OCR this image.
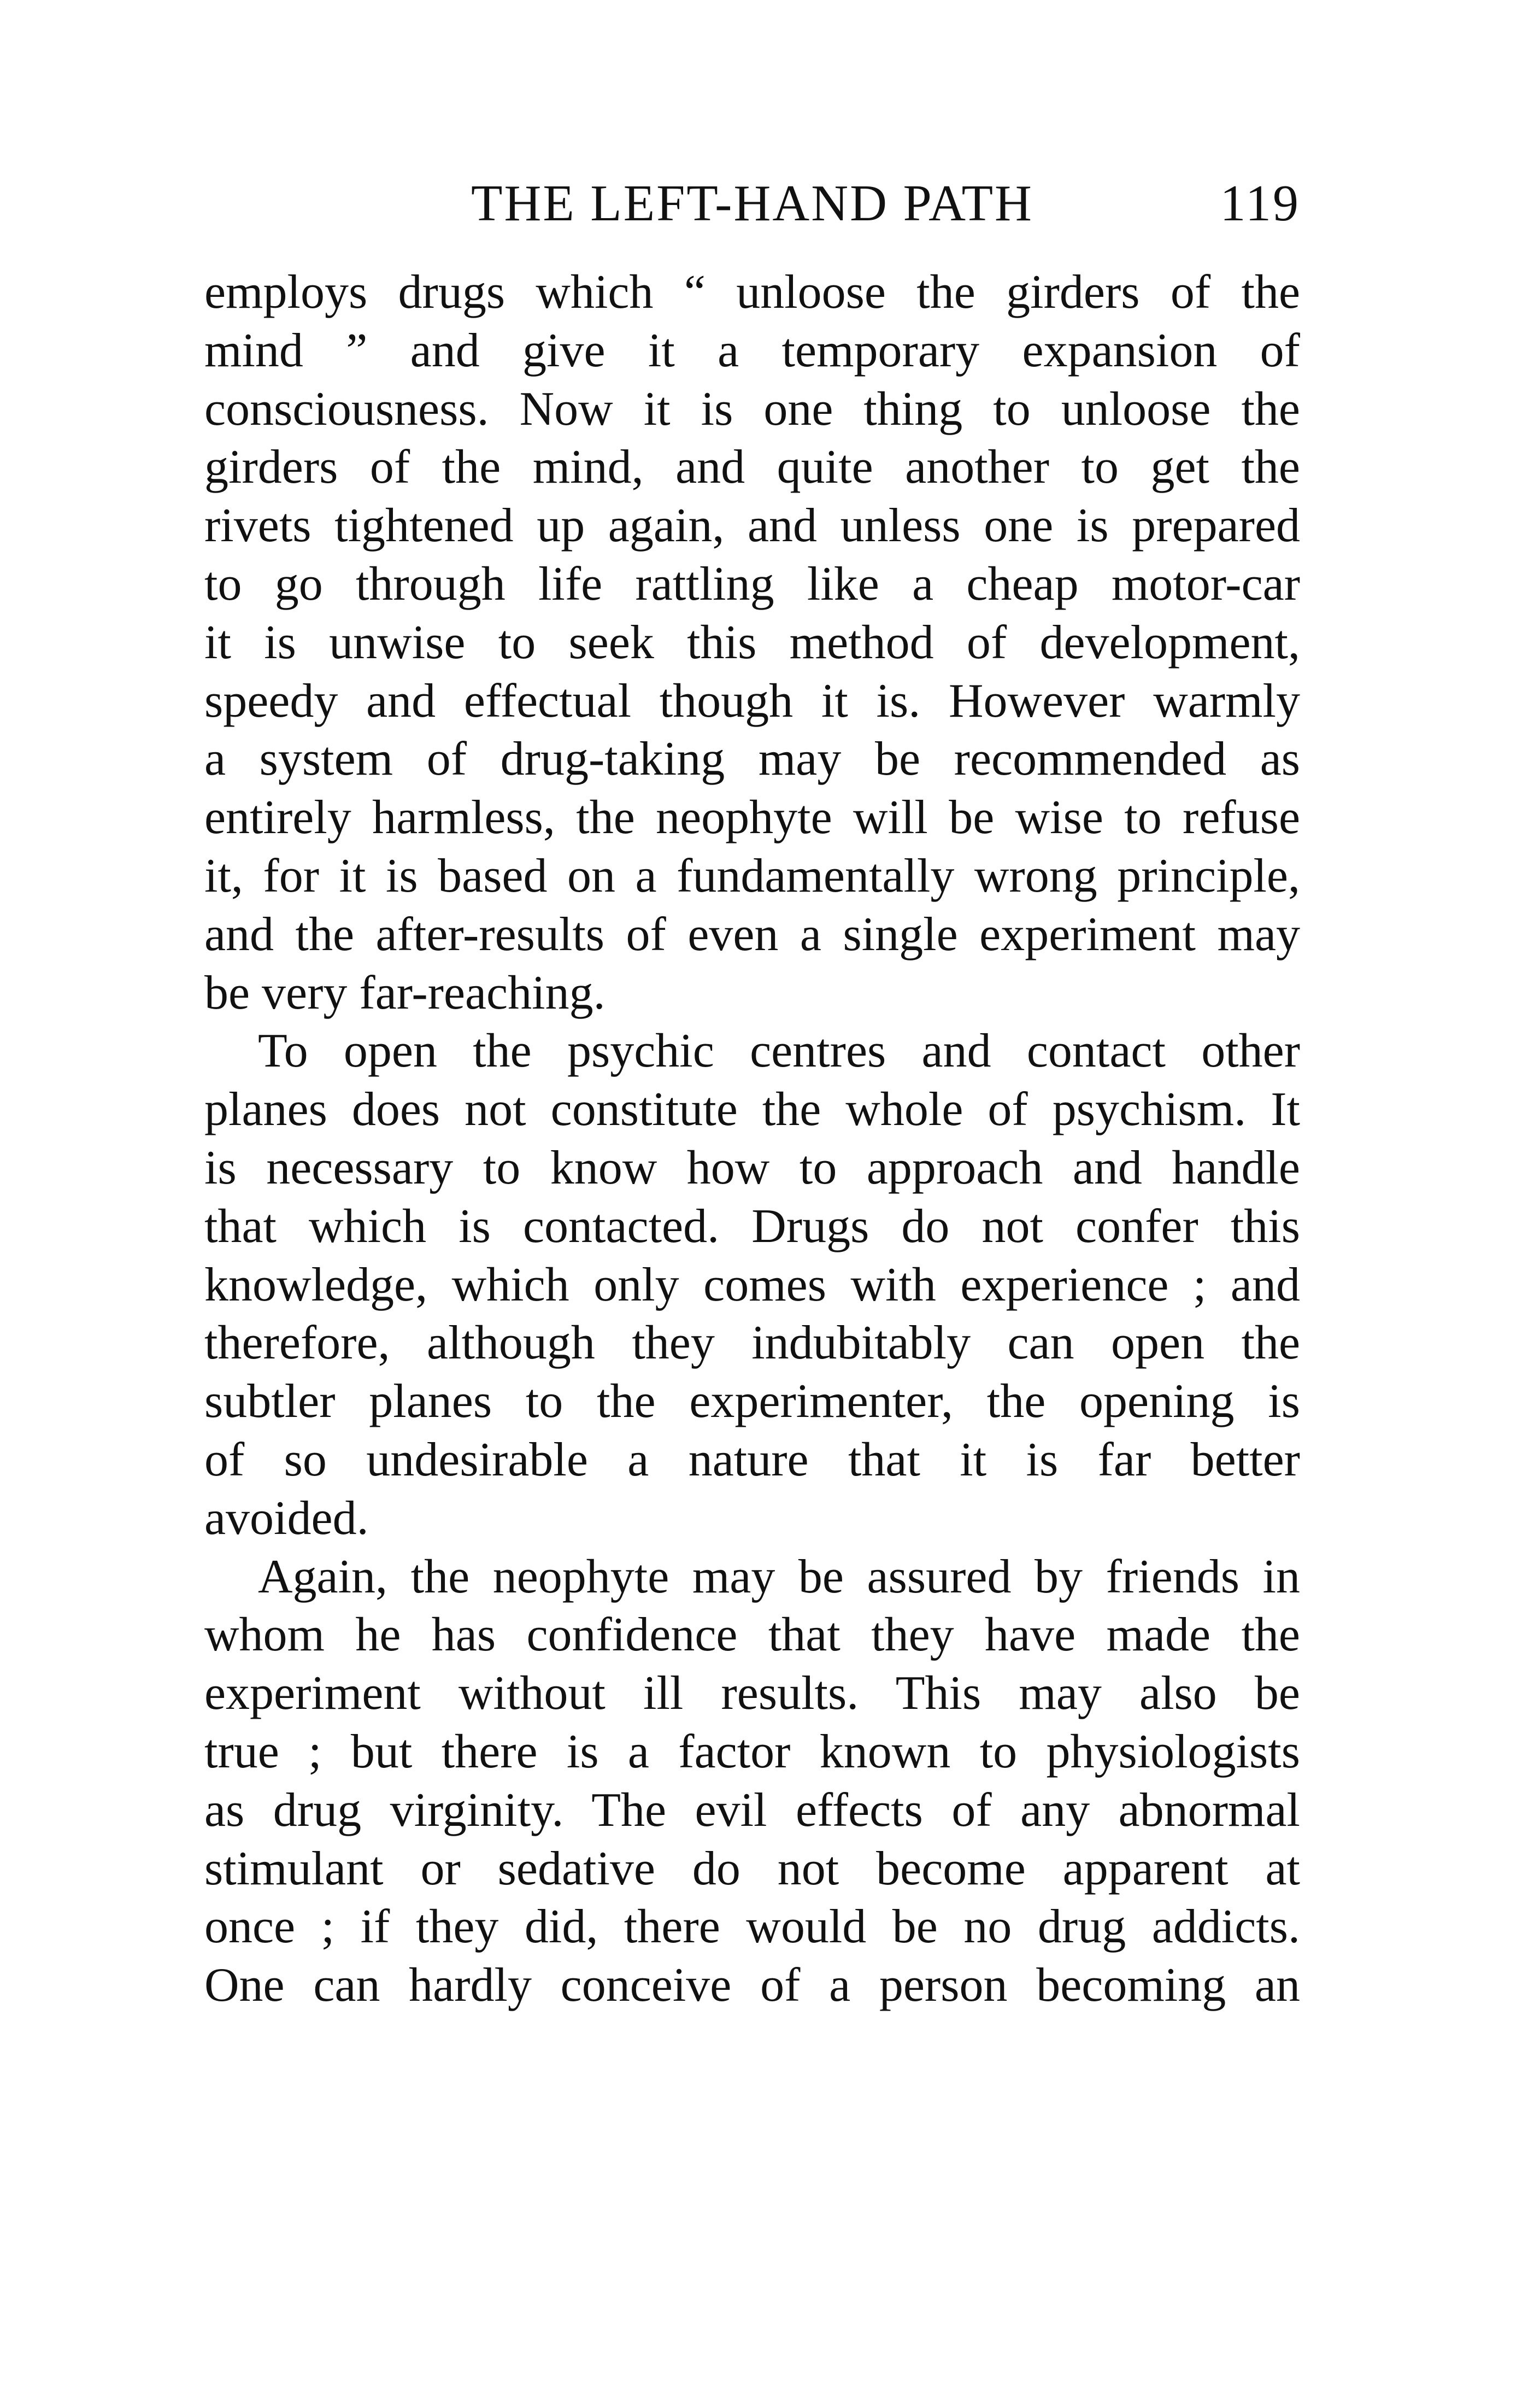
THE LEFT-HAND PATH	119
employs drugs which “ unloose the girders of the
mind ” and give it a temporary expansion of
consciousness. Now it is one thing to unloose the
girders of the mind, and quite another to get the
rivets tightened up again, and unless one is prepared
to go through life rattling like a cheap motor-car
it is unwise to seek this method of development,
speedy and effectual though it is. However warmly
a system of drug-taking may be recommended as
entirely harmless, the neophyte will be wise to refuse
it, for it is based on a fundamentally wrong principle,
and the after-results of even a single experiment may
be very far-reaching.
To open the psychic centres and contact other
planes does not constitute the whole of psychism. It
is necessary to know how to approach and handle
that which is contacted. Drugs do not confer this
knowledge, which only comes with experience ; and
therefore, although they indubitably can open the
subtler planes to the experimenter, the opening is
of so undesirable a nature that it is far better
avoided.
Again, the neophyte may be assured by friends in
whom he has confidence that they have made the
experiment without ill results. This may also be
true ; but there is a factor known to physiologists
as drug virginity. The evil effects of any abnormal
stimulant or sedative do not become apparent at
once ; if they did, there would be no drug addicts.
One can hardly conceive of a person becoming an
